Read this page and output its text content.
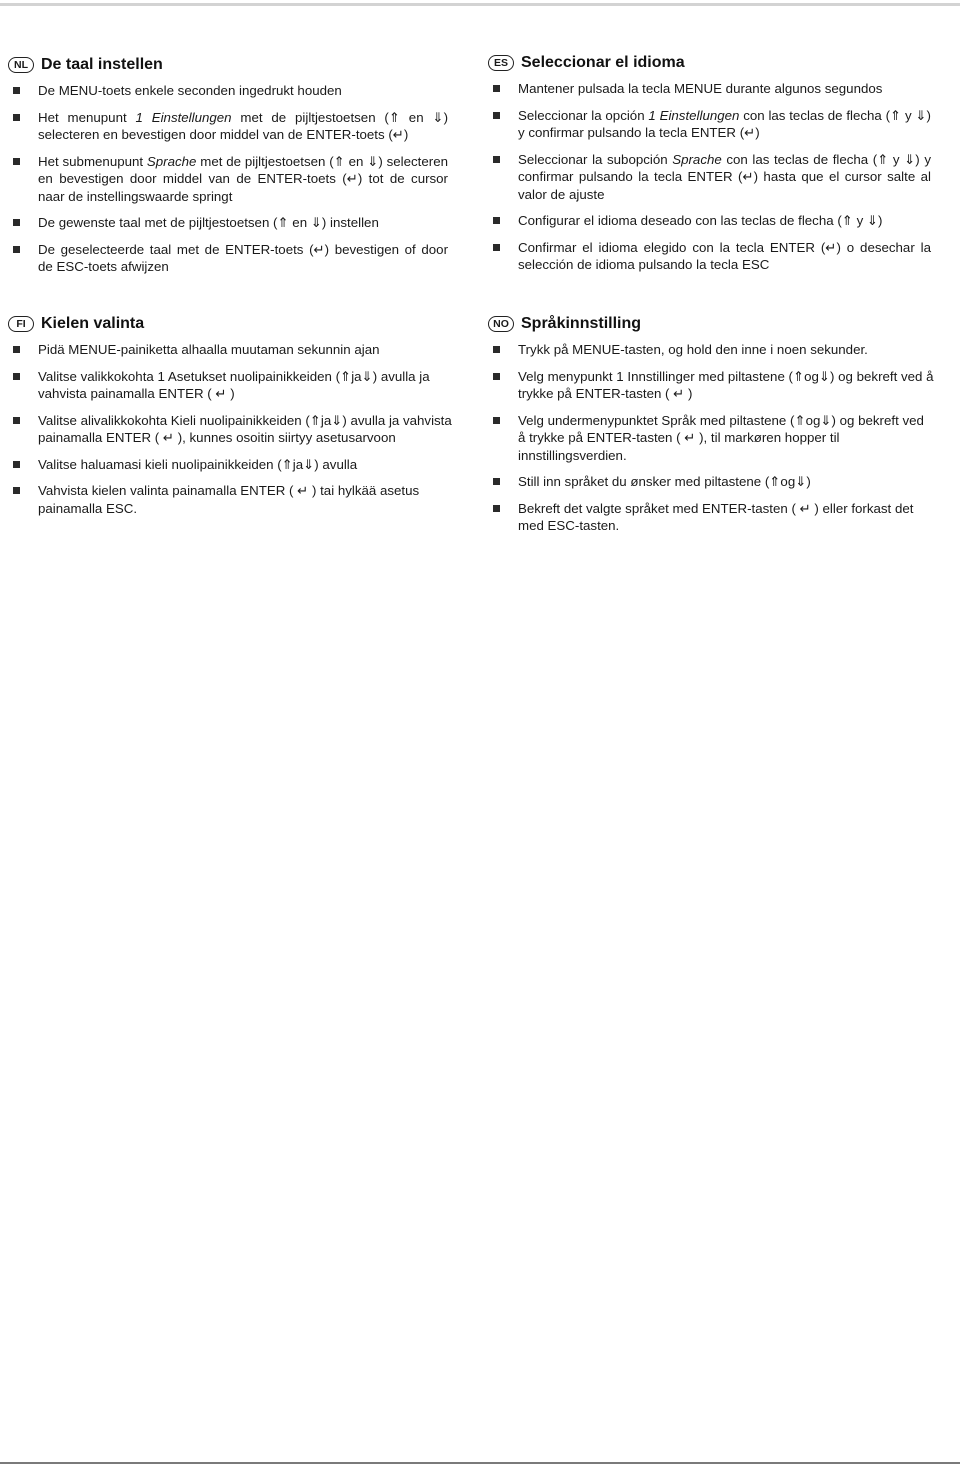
NL De taal instellen
De MENU-toets enkele seconden ingedrukt houden
Het menupunt 1 Einstellungen met de pijltjestoetsen (⇑ en ⇓) selecteren en bevestigen door middel van de ENTER-toets (↵)
Het submenupunt Sprache met de pijltjestoetsen (⇑ en ⇓) selecteren en bevestigen door middel van de ENTER-toets (↵) tot de cursor naar de instellingswaarde springt
De gewenste taal met de pijltjestoetsen (⇑ en ⇓) instellen
De geselecteerde taal met de ENTER-toets (↵) bevestigen of door de ESC-toets afwijzen
ES Seleccionar el idioma
Mantener pulsada la tecla MENUE durante algunos segundos
Seleccionar la opción 1 Einstellungen con las teclas de flecha (⇑ y ⇓) y confirmar pulsando la tecla ENTER (↵)
Seleccionar la subopción Sprache con las teclas de flecha (⇑ y ⇓) y confirmar pulsando la tecla ENTER (↵) hasta que el cursor salte al valor de ajuste
Configurar el idioma deseado con las teclas de flecha (⇑ y ⇓)
Confirmar el idioma elegido con la tecla ENTER (↵) o desechar la selección de idioma pulsando la tecla ESC
FI Kielen valinta
Pidä MENUE-painiketta alhaalla muutaman sekunnin ajan
Valitse valikkokohta 1 Asetukset nuolipainikkeiden (⇑ja⇓) avulla ja vahvista painamalla ENTER ( ↵ )
Valitse alivalikkokohta Kieli nuolipainikkeiden (⇑ja⇓) avulla ja vahvista painamalla ENTER ( ↵ ), kunnes osoitin siirtyy asetusarvoon
Valitse haluamasi kieli nuolipainikkeiden (⇑ja⇓) avulla
Vahvista kielen valinta painamalla ENTER ( ↵ ) tai hylkää asetus painamalla ESC.
NO Språkinnstilling
Trykk på MENUE-tasten, og hold den inne i noen sekunder.
Velg menypunkt 1 Innstillinger med piltastene (⇑og⇓) og bekreft ved å trykke på ENTER-tasten ( ↵ )
Velg undermenypunktet Språk med piltastene (⇑og⇓) og bekreft ved å trykke på ENTER-tasten ( ↵ ), til markøren hopper til innstillingsverdien.
Still inn språket du ønsker med piltastene (⇑og⇓)
Bekreft det valgte språket med ENTER-tasten ( ↵ ) eller forkast det med ESC-tasten.
